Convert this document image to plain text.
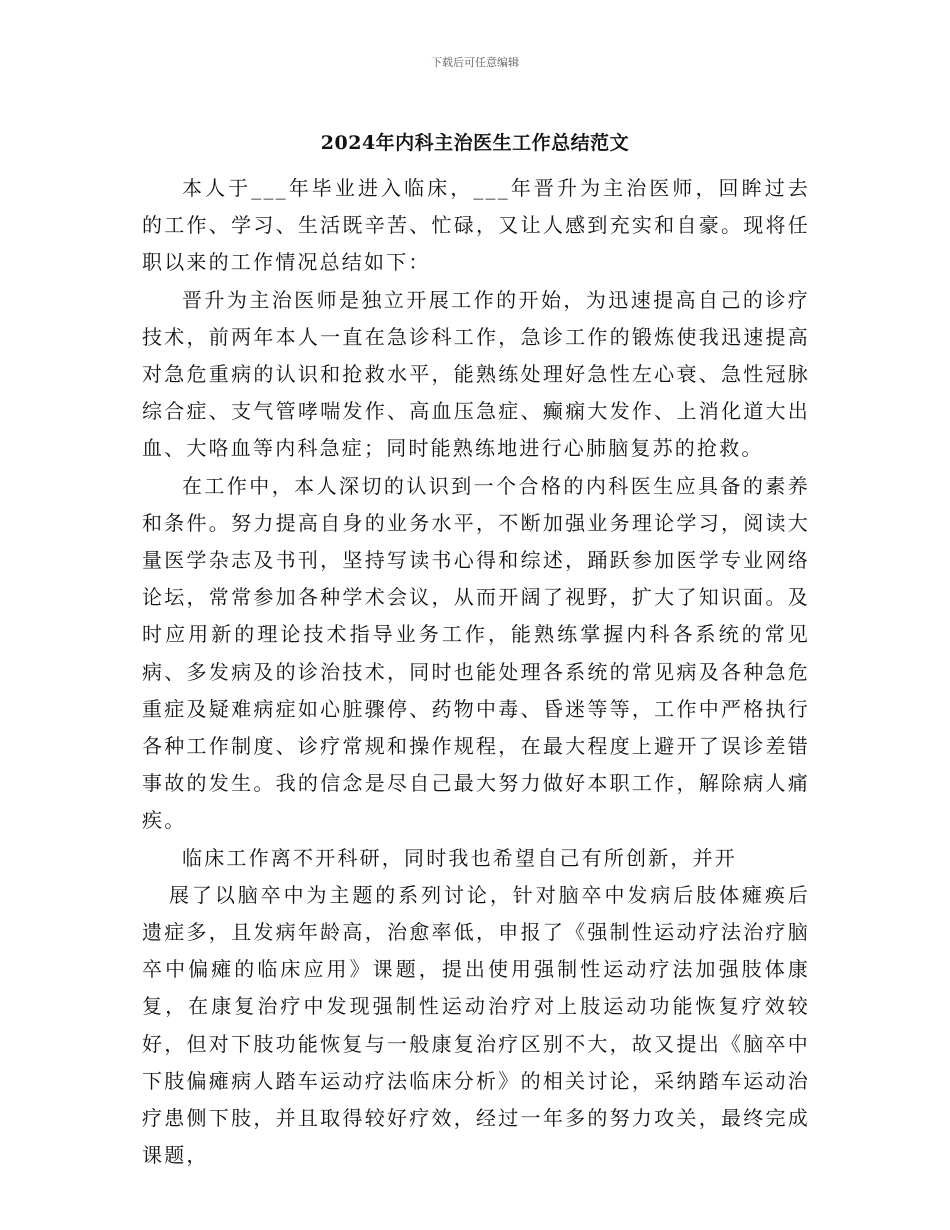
下载后可任意编辑
2024年内科主治医生工作总结范文

本人于___年毕业进入临床，___年晋升为主治医师，回眸过去的工作、学习、生活既辛苦、忙碌，又让人感到充实和自豪。现将任职以来的工作情况总结如下：

晋升为主治医师是独立开展工作的开始，为迅速提高自己的诊疗技术，前两年本人一直在急诊科工作，急诊工作的锻炼使我迅速提高对急危重病的认识和抢救水平，能熟练处理好急性左心衰、急性冠脉综合症、支气管哮喘发作、高血压急症、癫痫大发作、上消化道大出血、大咯血等内科急症；同时能熟练地进行心肺脑复苏的抢救。

在工作中，本人深切的认识到一个合格的内科医生应具备的素养和条件。努力提高自身的业务水平，不断加强业务理论学习，阅读大量医学杂志及书刊，坚持写读书心得和综述，踊跃参加医学专业网络论坛，常常参加各种学术会议，从而开阔了视野，扩大了知识面。及时应用新的理论技术指导业务工作，能熟练掌握内科各系统的常见病、多发病及的诊治技术，同时也能处理各系统的常见病及各种急危重症及疑难病症如心脏骤停、药物中毒、昏迷等等，工作中严格执行各种工作制度、诊疗常规和操作规程，在最大程度上避开了误诊差错事故的发生。我的信念是尽自己最大努力做好本职工作，解除病人痛疾。

临床工作离不开科研，同时我也希望自己有所创新，并开

展了以脑卒中为主题的系列讨论，针对脑卒中发病后肢体瘫痪后遗症多，且发病年龄高，治愈率低，申报了《强制性运动疗法治疗脑卒中偏瘫的临床应用》课题，提出使用强制性运动疗法加强肢体康复，在康复治疗中发现强制性运动治疗对上肢运动功能恢复疗效较好，但对下肢功能恢复与一般康复治疗区别不大，故又提出《脑卒中下肢偏瘫病人踏车运动疗法临床分析》的相关讨论，采纳踏车运动治疗患侧下肢，并且取得较好疗效，经过一年多的努力攻关，最终完成课题，
